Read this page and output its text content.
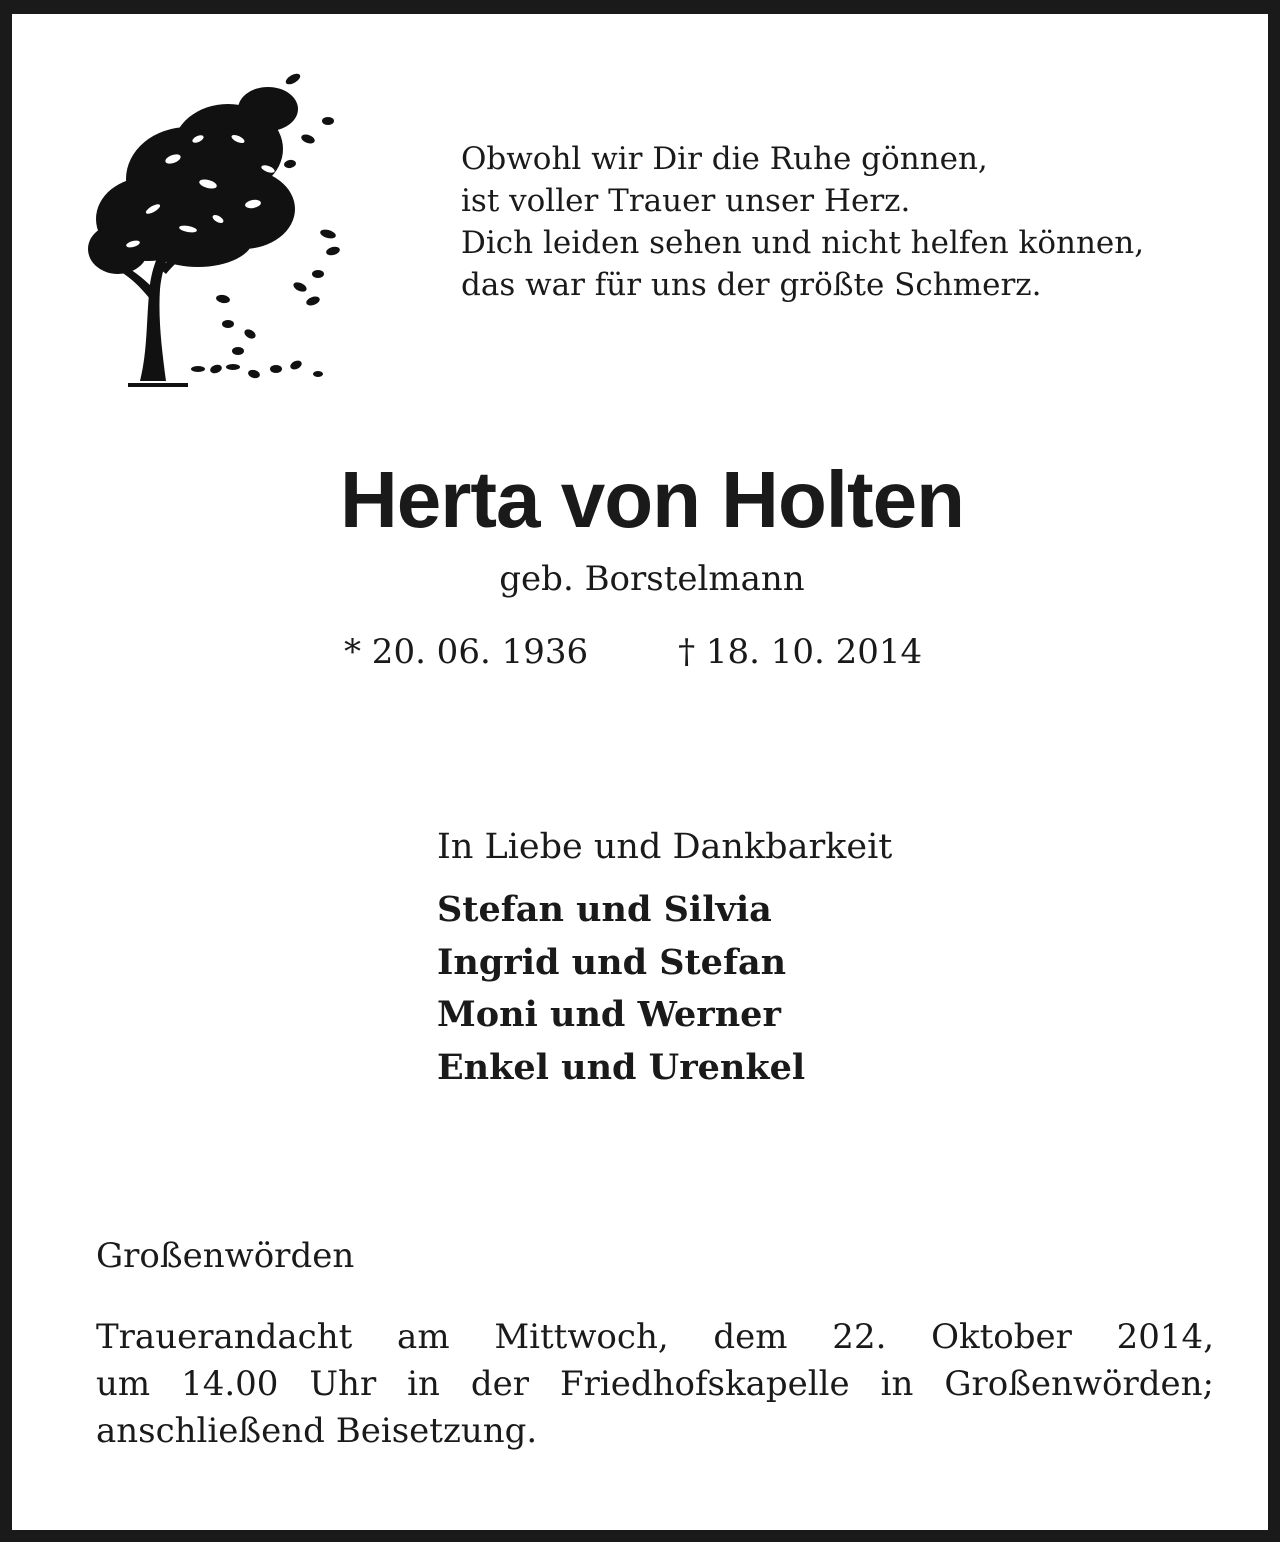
Obwohl wir Dir die Ruhe gönnen,
ist voller Trauer unser Herz.
Dich leiden sehen und nicht helfen können,
das war für uns der größte Schmerz.
Herta von Holten
geb. Borstelmann
* 20. 06. 1936	† 18. 10. 2014
In Liebe und Dankbarkeit
Stefan und Silvia
Ingrid und Stefan
Moni und Werner
Enkel und Urenkel
Großenwörden
Trauerandacht am Mittwoch, dem 22. Oktober 2014,
um 14.00 Uhr in der Friedhofskapelle in Großenwörden;
anschließend Beisetzung.
